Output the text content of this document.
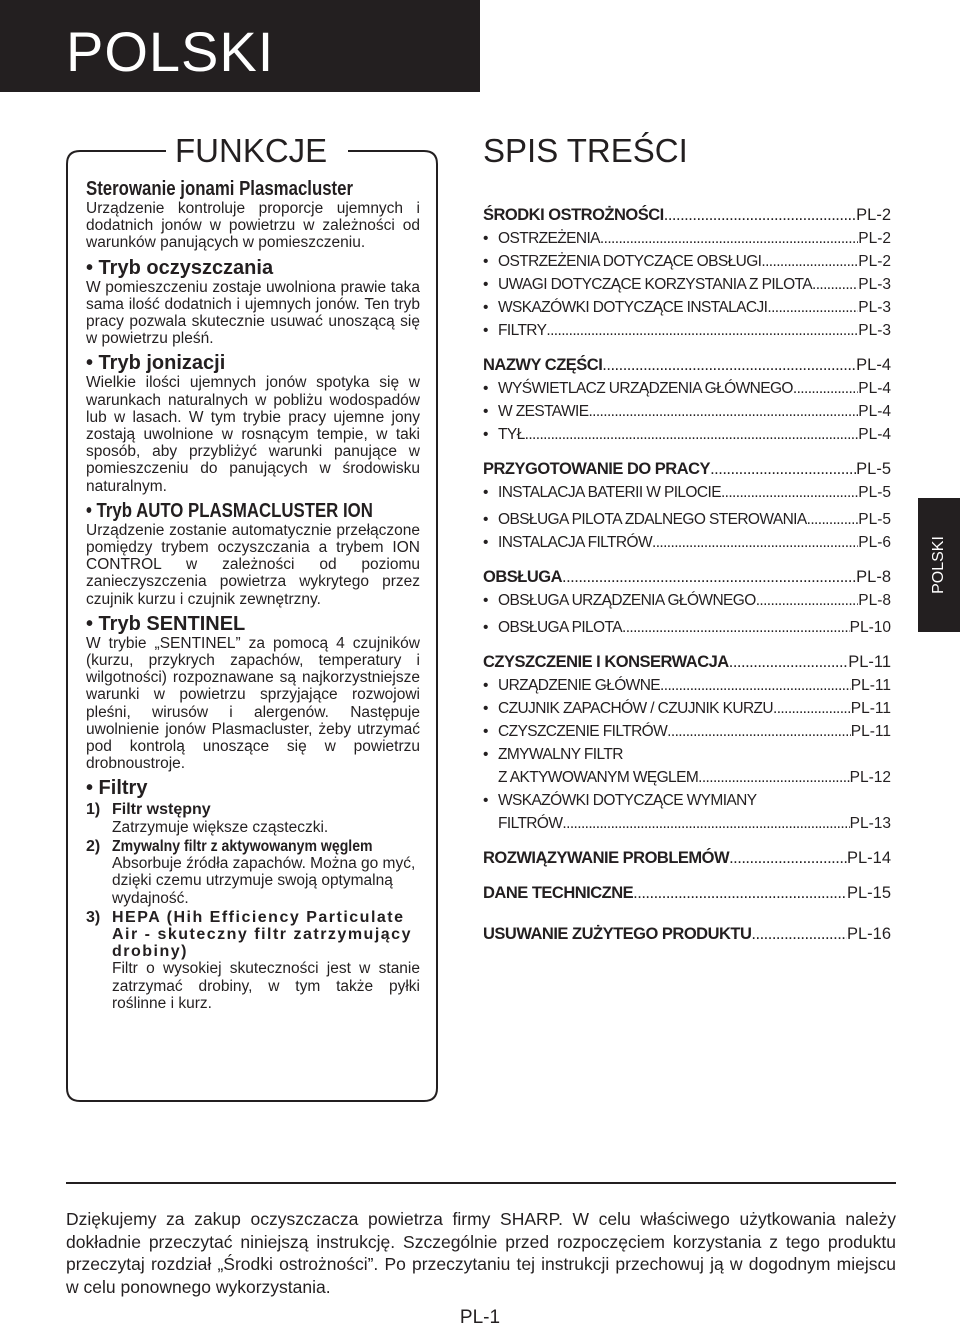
POLSKI
FUNKCJE
Sterowanie jonami Plasmacluster
Urządzenie kontroluje proporcje ujemnych i dodatnich jonów w powietrzu w zależności od warunków panujących w pomieszczeniu.
• Tryb oczyszczania
W pomieszczeniu zostaje uwolniona prawie taka sama ilość dodatnich i ujemnych jonów. Ten tryb pracy pozwala skutecznie usuwać unoszącą się w powietrzu pleśń.
• Tryb jonizacji
Wielkie ilości ujemnych jonów spotyka się w warunkach naturalnych w pobliżu wodospadów lub w lasach. W tym trybie pracy ujemne jony zostają uwolnione w rosnącym tempie, w taki sposób, aby przybliżyć warunki panujące w pomieszczeniu do panujących w środowisku naturalnym.
• Tryb AUTO PLASMACLUSTER ION
Urządzenie zostanie automatycznie przełączone pomiędzy trybem oczyszczania a trybem ION CONTROL w zależności od poziomu zanieczyszczenia powietrza wykrytego przez czujnik kurzu i czujnik zewnętrzny.
• Tryb SENTINEL
W trybie „SENTINEL” za pomocą 4 czujników (kurzu, przykrych zapachów, temperatury i wilgotności) rozpoznawane są najkorzystniejsze warunki w powietrzu sprzyjające rozwojowi pleśni, wirusów i alergenów. Następuje uwolnienie jonów Plasmacluster, żeby utrzymać pod kontrolą unoszące się w powietrzu drobnoustroje.
• Filtry
1) Filtr wstępny
Zatrzymuje większe cząsteczki.
2) Zmywalny filtr z aktywowanym węglem
Absorbuje źródła zapachów. Można go myć, dzięki czemu utrzymuje swoją optymalną wydajność.
3) HEPA (Hih Efficiency Particulate Air - skuteczny filtr zatrzymujący drobiny)
Filtr o wysokiej skuteczności jest w stanie zatrzymać drobiny, w tym także pyłki roślinne i kurz.
SPIS TREŚCI
ŚRODKI OSTROŻNOŚCI .....	PL-2
• OSTRZEŻENIA .....	PL-2
• OSTRZEŻENIA DOTYCZĄCE OBSŁUGI. .....	PL-2
• UWAGI DOTYCZĄCE KORZYSTANIA Z PILOTA .....	PL-3
• WSKAZÓWKI DOTYCZĄCE INSTALACJI .....	PL-3
• FILTRY .....	PL-3
NAZWY CZĘŚCI .....	PL-4
• WYŚWIETLACZ URZĄDZENIA GŁÓWNEGO .....	PL-4
• W ZESTAWIE .....	PL-4
• TYŁ .....	PL-4
PRZYGOTOWANIE DO PRACY .....	PL-5
• INSTALACJA BATERII W PILOCIE .....	PL-5
• OBSŁUGA PILOTA ZDALNEGO STEROWANIA .....	PL-5
• INSTALACJA FILTRÓW .....	PL-6
OBSŁUGA .....	PL-8
• OBSŁUGA URZĄDZENIA GŁÓWNEGO .....	PL-8
• OBSŁUGA PILOTA .....	PL-10
CZYSZCZENIE I KONSERWACJA .....	PL-11
• URZĄDZENIE GŁÓWNE .....	PL-11
• CZUJNIK ZAPACHÓW / CZUJNIK KURZU .....	PL-11
• CZYSZCZENIE FILTRÓW .....	PL-11
• ZMYWALNY FILTR
Z AKTYWOWANYM WĘGLEM .....	PL-12
• WSKAZÓWKI DOTYCZĄCE WYMIANY
FILTRÓW .....	PL-13
ROZWIĄZYWANIE PROBLEMÓW .....	PL-14
DANE TECHNICZNE .....	PL-15
USUWANIE ZUŻYTEGO PRODUKTU .....	PL-16
POLSKI
Dziękujemy za zakup oczyszczacza powietrza firmy SHARP. W celu właściwego użytkowania należy dokładnie przeczytać niniejszą instrukcję. Szczególnie przed rozpoczęciem korzystania z tego produktu przeczytaj rozdział „Środki ostrożności”. Po przeczytaniu tej instrukcji przechowuj ją w dogodnym miejscu w celu ponownego wykorzystania.
PL-1
